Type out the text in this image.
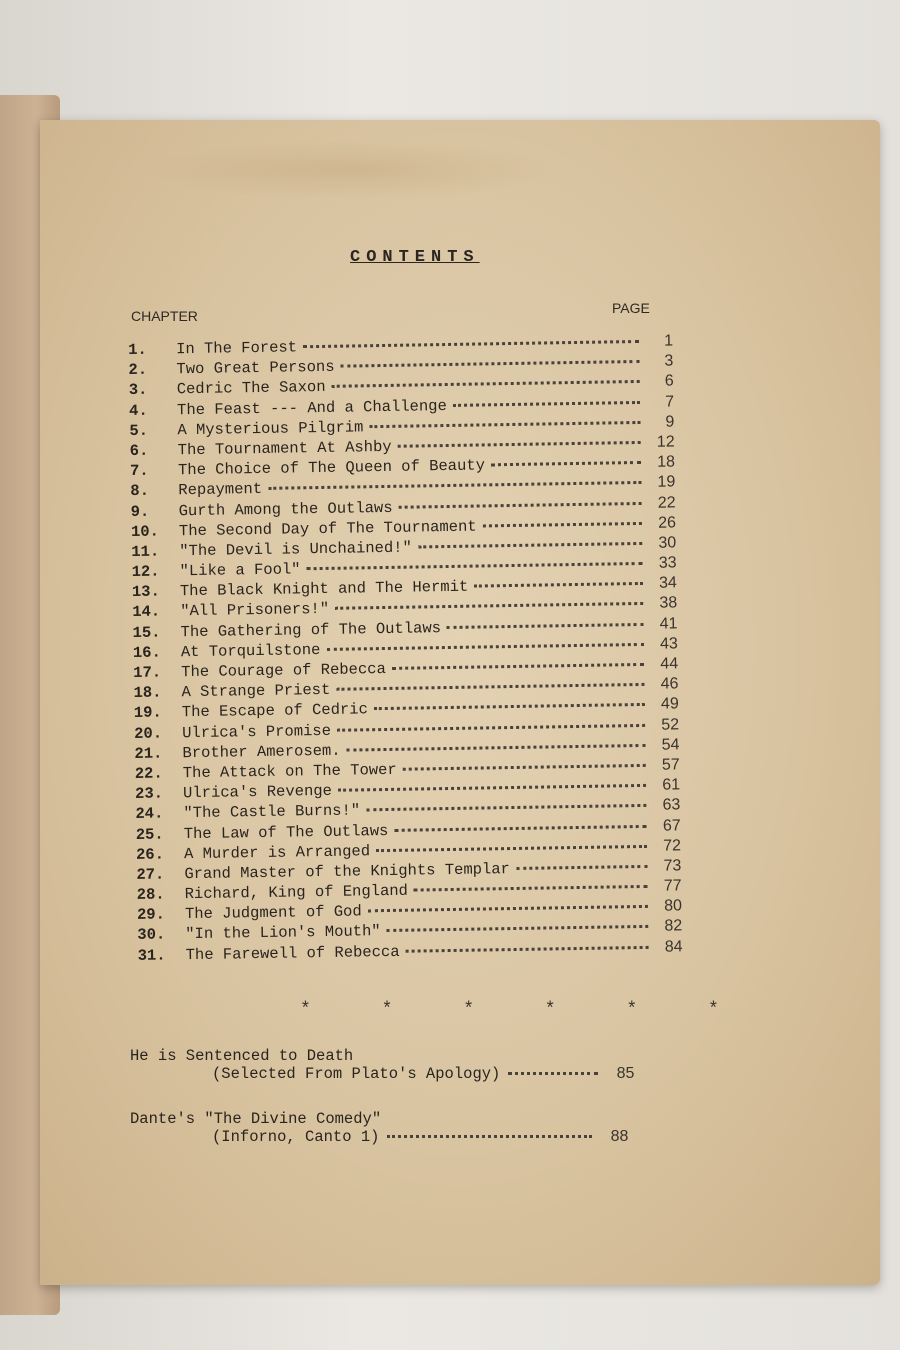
CONTENTS
CHAPTER	PAGE
1.	In The Forest	1
2.	Two Great Persons	3
3.	Cedric The Saxon	6
4.	The Feast --- And a Challenge	7
5.	A Mysterious Pilgrim	9
6.	The Tournament At Ashby	12
7.	The Choice of The Queen of Beauty	18
8.	Repayment	19
9.	Gurth Among the Outlaws	22
10.	The Second Day of The Tournament	26
11.	"The Devil is Unchained!"	30
12.	"Like a Fool"	33
13.	The Black Knight and The Hermit	34
14.	"All Prisoners!"	38
15.	The Gathering of The Outlaws	41
16.	At Torquilstone	43
17.	The Courage of Rebecca	44
18.	A Strange Priest	46
19.	The Escape of Cedric	49
20.	Ulrica's Promise	52
21.	Brother Amerosem.	54
22.	The Attack on The Tower	57
23.	Ulrica's Revenge	61
24.	"The Castle Burns!"	63
25.	The Law of The Outlaws	67
26.	A Murder is Arranged	72
27.	Grand Master of the Knights Templar	73
28.	Richard, King of England	77
29.	The Judgment of God	80
30.	"In the Lion's Mouth"	82
31.	The Farewell of Rebecca	84
* * * * * *
He is Sentenced to Death
(Selected From Plato's Apology)	85
Dante's "The Divine Comedy"
(Inforno, Canto 1)	88
